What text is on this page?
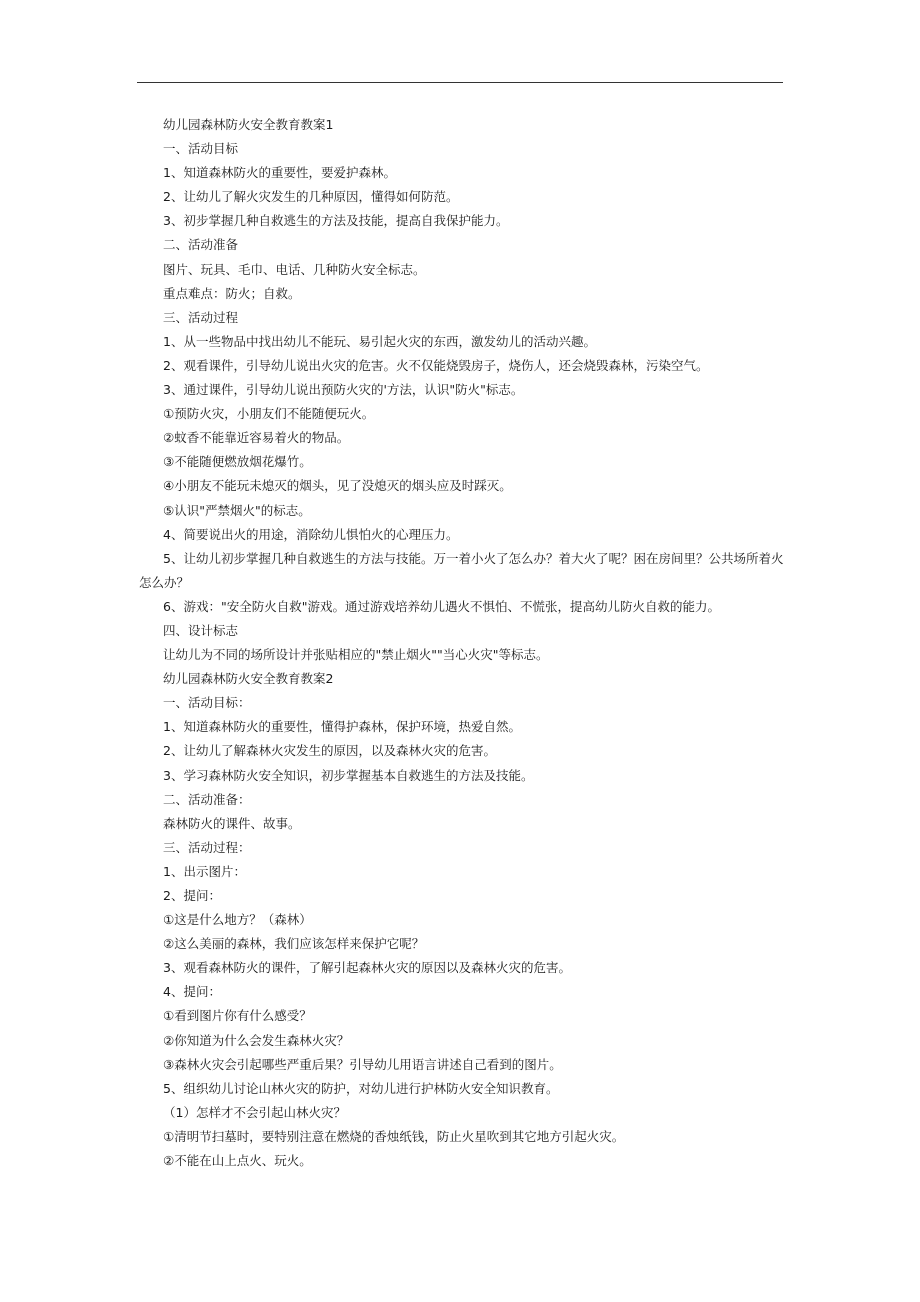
幼儿园森林防火安全教育教案1
一、活动目标
1、知道森林防火的重要性，要爱护森林。
2、让幼儿了解火灾发生的几种原因，懂得如何防范。
3、初步掌握几种自救逃生的方法及技能，提高自我保护能力。
二、活动准备
图片、玩具、毛巾、电话、几种防火安全标志。
重点难点：防火；自救。
三、活动过程
1、从一些物品中找出幼儿不能玩、易引起火灾的东西，激发幼儿的活动兴趣。
2、观看课件，引导幼儿说出火灾的危害。火不仅能烧毁房子，烧伤人，还会烧毁森林，污染空气。
3、通过课件，引导幼儿说出预防火灾的'方法，认识"防火"标志。
①预防火灾，小朋友们不能随便玩火。
②蚊香不能靠近容易着火的物品。
③不能随便燃放烟花爆竹。
④小朋友不能玩未熄灭的烟头，见了没熄灭的烟头应及时踩灭。
⑤认识"严禁烟火"的标志。
4、简要说出火的用途，消除幼儿惧怕火的心理压力。
5、让幼儿初步掌握几种自救逃生的方法与技能。万一着小火了怎么办？着大火了呢？困在房间里？公共场所着火
怎么办？
6、游戏："安全防火自救"游戏。通过游戏培养幼儿遇火不惧怕、不慌张，提高幼儿防火自救的能力。
四、设计标志
让幼儿为不同的场所设计并张贴相应的"禁止烟火""当心火灾"等标志。
幼儿园森林防火安全教育教案2
一、活动目标：
1、知道森林防火的重要性，懂得护森林，保护环境，热爱自然。
2、让幼儿了解森林火灾发生的原因，以及森林火灾的危害。
3、学习森林防火安全知识，初步掌握基本自救逃生的方法及技能。
二、活动准备：
森林防火的课件、故事。
三、活动过程：
1、出示图片：
2、提问：
①这是什么地方？（森林）
②这么美丽的森林，我们应该怎样来保护它呢？
3、观看森林防火的课件，了解引起森林火灾的原因以及森林火灾的危害。
4、提问：
①看到图片你有什么感受？
②你知道为什么会发生森林火灾？
③森林火灾会引起哪些严重后果？引导幼儿用语言讲述自己看到的图片。
5、组织幼儿讨论山林火灾的防护，对幼儿进行护林防火安全知识教育。
（1）怎样才不会引起山林火灾？
①清明节扫墓时，要特别注意在燃烧的香烛纸钱，防止火星吹到其它地方引起火灾。
②不能在山上点火、玩火。
